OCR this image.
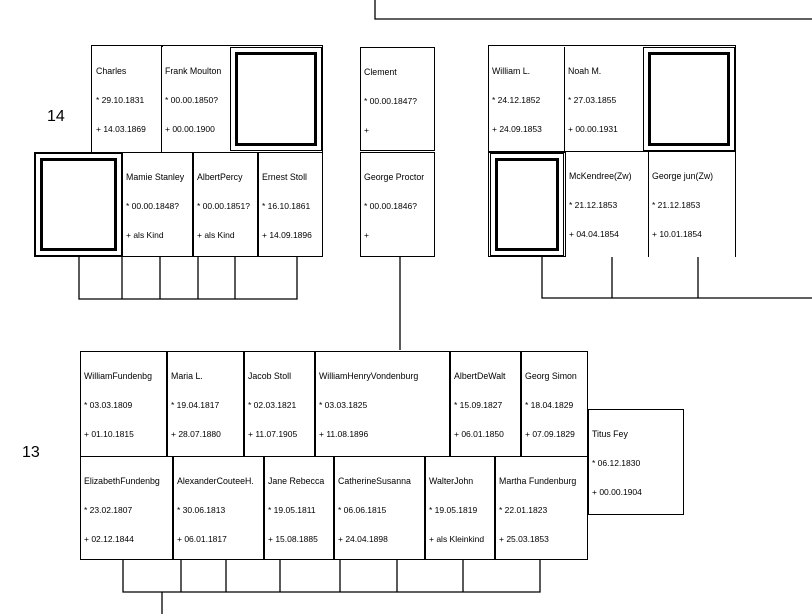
14
13

Charles

* 29.10.1831

+ 14.03.1869

Frank Moulton

* 00.00.1850?

+ 00.00.1900

Mamie Stanley

* 00.00.1848?

+ als Kind

AlbertPercy

* 00.00.1851?

+ als Kind

Ernest Stoll

* 16.10.1861

+ 14.09.1896

Clement

* 00.00.1847?

+

George Proctor

* 00.00.1846?

+

William L.

* 24.12.1852

+ 24.09.1853

Noah M.

* 27.03.1855

+ 00.00.1931

McKendree(Zw)

* 21.12.1853

+ 04.04.1854

George jun(Zw)

* 21.12.1853

+ 10.01.1854

WilliamFundenbg

* 03.03.1809

+ 01.10.1815

Maria L.

* 19.04.1817

+ 28.07.1880

Jacob Stoll

* 02.03.1821

+ 11.07.1905

WilliamHenryVondenburg

* 03.03.1825

+ 11.08.1896

AlbertDeWalt

* 15.09.1827

+ 06.01.1850

Georg Simon

* 18.04.1829

+ 07.09.1829

	Titus Fey

* 06.12.1830

+ 00.00.1904

ElizabethFundenbg

* 23.02.1807

+ 02.12.1844

AlexanderCouteeH.

* 30.06.1813

+ 06.01.1817

Jane Rebecca

* 19.05.1811

+ 15.08.1885

CatherineSusanna

* 06.06.1815

+ 24.04.1898

WalterJohn

* 19.05.1819

+ als Kleinkind

Martha Fundenburg

* 22.01.1823

+ 25.03.1853
